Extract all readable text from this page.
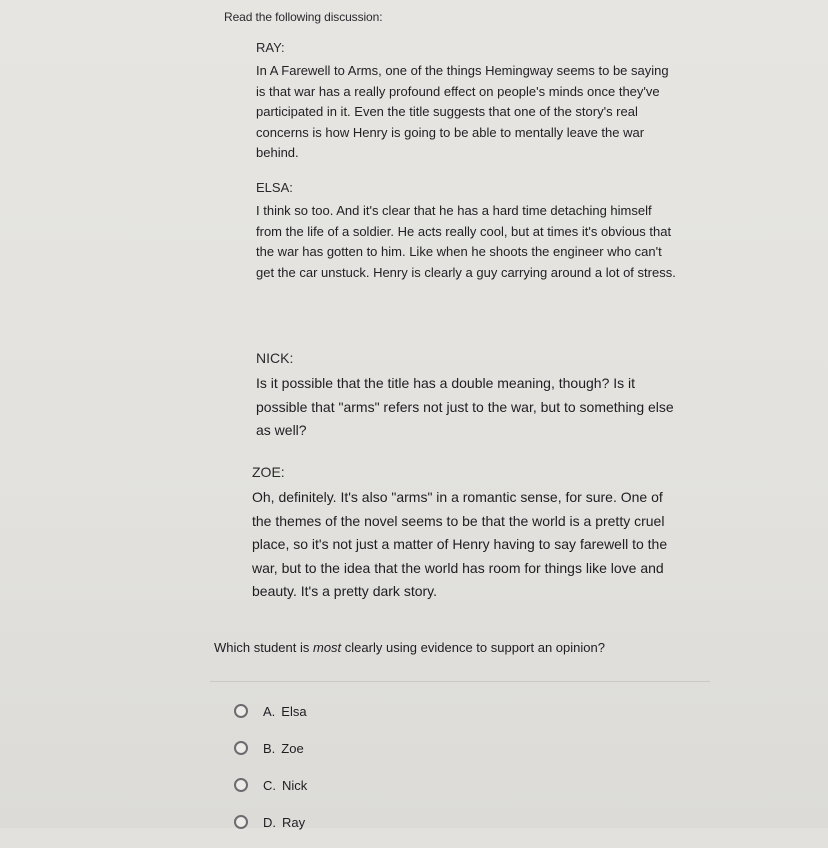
Read the following discussion:

RAY:

In A Farewell to Arms, one of the things Hemingway seems to be saying is that war has a really profound effect on people's minds once they've participated in it. Even the title suggests that one of the story's real concerns is how Henry is going to be able to mentally leave the war behind.

ELSA:

I think so too. And it's clear that he has a hard time detaching himself from the life of a soldier. He acts really cool, but at times it's obvious that the war has gotten to him. Like when he shoots the engineer who can't get the car unstuck. Henry is clearly a guy carrying around a lot of stress.

NICK:

Is it possible that the title has a double meaning, though? Is it possible that "arms" refers not just to the war, but to something else as well?

ZOE:

Oh, definitely. It's also "arms" in a romantic sense, for sure. One of the themes of the novel seems to be that the world is a pretty cruel place, so it's not just a matter of Henry having to say farewell to the war, but to the idea that the world has room for things like love and beauty. It's a pretty dark story.

Which student is most clearly using evidence to support an opinion?
A. Elsa
B. Zoe
C. Nick
D. Ray
